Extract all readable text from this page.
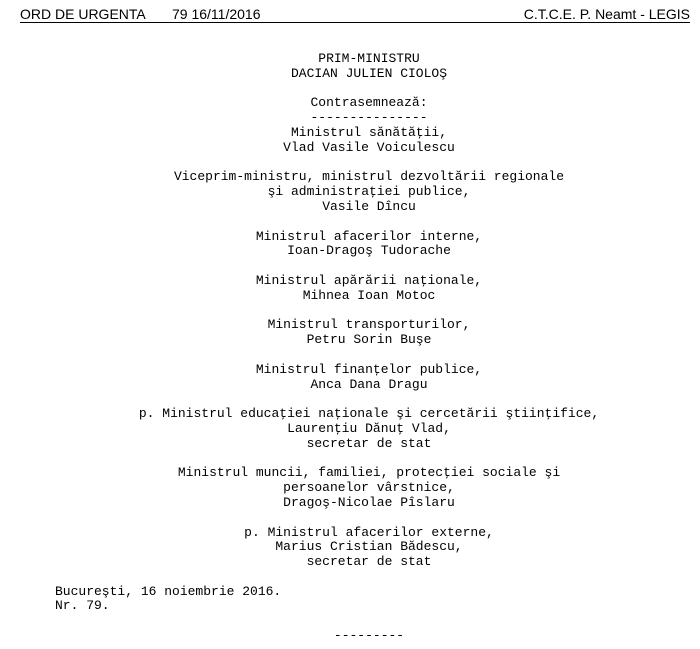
ORD DE URGENTA 79 16/11/2016	C.T.C.E. P. Neamt - LEGIS
PRIM-MINISTRU
DACIAN JULIEN CIOLOŞ
Contrasemnează:
---------------
Ministrul sănătăţii,
Vlad Vasile Voiculescu
Viceprim-ministru, ministrul dezvoltării regionale
şi administraţiei publice,
Vasile Dîncu
Ministrul afacerilor interne,
Ioan-Dragoş Tudorache
Ministrul apărării naţionale,
Mihnea Ioan Motoc
Ministrul transporturilor,
Petru Sorin Buşe
Ministrul finanţelor publice,
Anca Dana Dragu
p. Ministrul educaţiei naţionale şi cercetării ştiinţifice,
Laurenţiu Dănuţ Vlad,
secretar de stat
Ministrul muncii, familiei, protecţiei sociale şi
persoanelor vârstnice,
Dragoş-Nicolae Pîslaru
p. Ministrul afacerilor externe,
Marius Cristian Bădescu,
secretar de stat
Bucureşti, 16 noiembrie 2016.
Nr. 79.
---------
